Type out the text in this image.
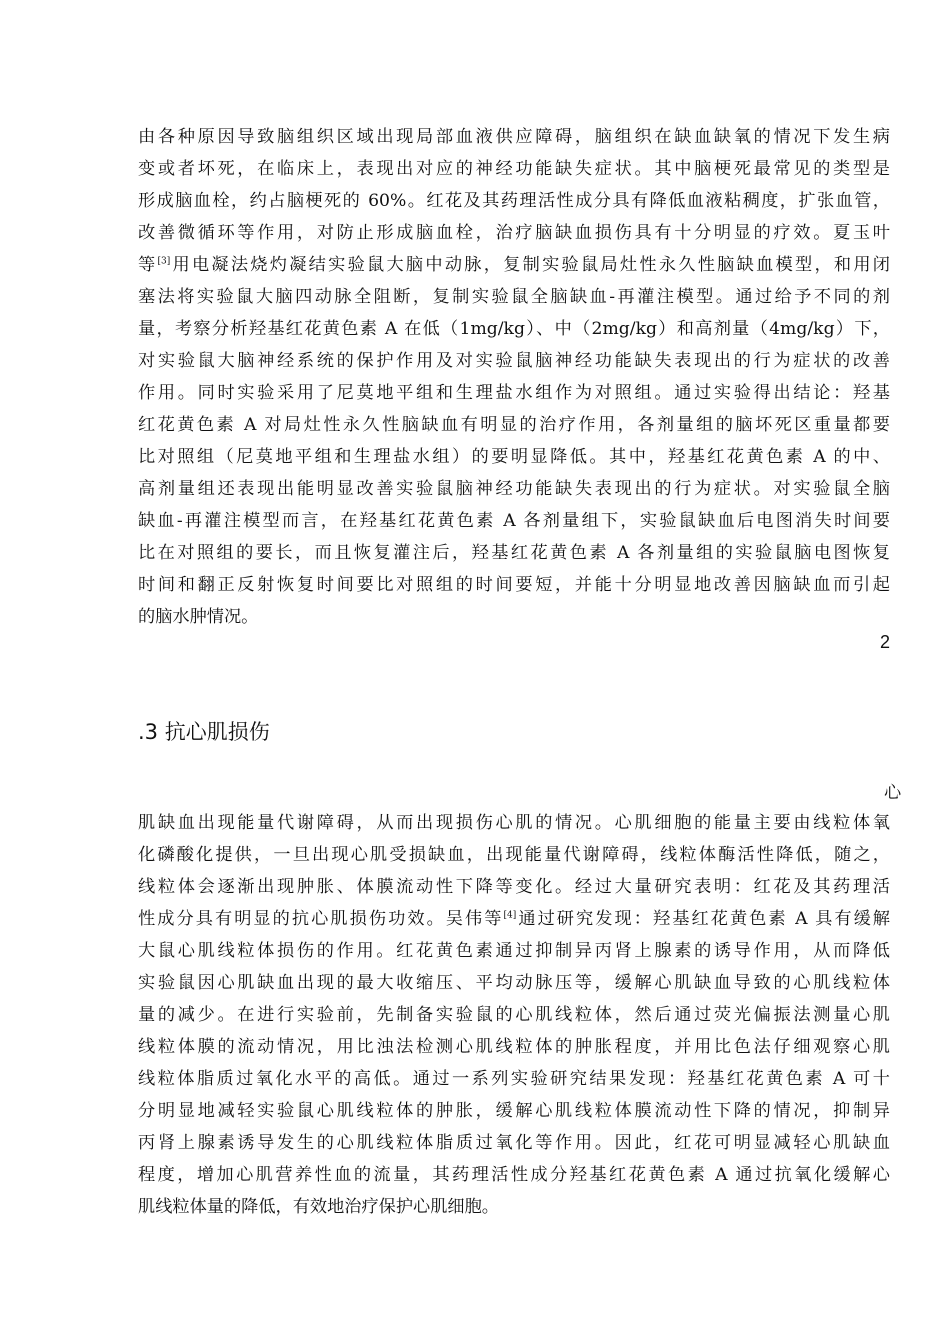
由各种原因导致脑组织区域出现局部血液供应障碍，脑组织在缺血缺氧的情况下发生病
变或者坏死，在临床上，表现出对应的神经功能缺失症状。其中脑梗死最常见的类型是
形成脑血栓，约占脑梗死的 60%。红花及其药理活性成分具有降低血液粘稠度，扩张血管，
改善微循环等作用，对防止形成脑血栓，治疗脑缺血损伤具有十分明显的疗效。夏玉叶
等[3]用电凝法烧灼凝结实验鼠大脑中动脉，复制实验鼠局灶性永久性脑缺血模型，和用闭
塞法将实验鼠大脑四动脉全阻断，复制实验鼠全脑缺血-再灌注模型。通过给予不同的剂
量，考察分析羟基红花黄色素 A 在低（1mg/kg）、中（2mg/kg）和高剂量（4mg/kg）下，
对实验鼠大脑神经系统的保护作用及对实验鼠脑神经功能缺失表现出的行为症状的改善
作用。同时实验采用了尼莫地平组和生理盐水组作为对照组。通过实验得出结论：羟基
红花黄色素 A 对局灶性永久性脑缺血有明显的治疗作用，各剂量组的脑坏死区重量都要
比对照组（尼莫地平组和生理盐水组）的要明显降低。其中，羟基红花黄色素 A 的中、
高剂量组还表现出能明显改善实验鼠脑神经功能缺失表现出的行为症状。对实验鼠全脑
缺血-再灌注模型而言，在羟基红花黄色素 A 各剂量组下，实验鼠缺血后电图消失时间要
比在对照组的要长，而且恢复灌注后，羟基红花黄色素 A 各剂量组的实验鼠脑电图恢复
时间和翻正反射恢复时间要比对照组的时间要短，并能十分明显地改善因脑缺血而引起
的脑水肿情况。
2
.3 抗心肌损伤
心
肌缺血出现能量代谢障碍，从而出现损伤心肌的情况。心肌细胞的能量主要由线粒体氧
化磷酸化提供，一旦出现心肌受损缺血，出现能量代谢障碍，线粒体酶活性降低，随之，
线粒体会逐渐出现肿胀、体膜流动性下降等变化。经过大量研究表明：红花及其药理活
性成分具有明显的抗心肌损伤功效。吴伟等[4]通过研究发现：羟基红花黄色素 A 具有缓解
大鼠心肌线粒体损伤的作用。红花黄色素通过抑制异丙肾上腺素的诱导作用，从而降低
实验鼠因心肌缺血出现的最大收缩压、平均动脉压等，缓解心肌缺血导致的心肌线粒体
量的减少。在进行实验前，先制备实验鼠的心肌线粒体，然后通过荧光偏振法测量心肌
线粒体膜的流动情况，用比浊法检测心肌线粒体的肿胀程度，并用比色法仔细观察心肌
线粒体脂质过氧化水平的高低。通过一系列实验研究结果发现：羟基红花黄色素 A 可十
分明显地减轻实验鼠心肌线粒体的肿胀，缓解心肌线粒体膜流动性下降的情况，抑制异
丙肾上腺素诱导发生的心肌线粒体脂质过氧化等作用。因此，红花可明显减轻心肌缺血
程度，增加心肌营养性血的流量，其药理活性成分羟基红花黄色素 A 通过抗氧化缓解心
肌线粒体量的降低，有效地治疗保护心肌细胞。
